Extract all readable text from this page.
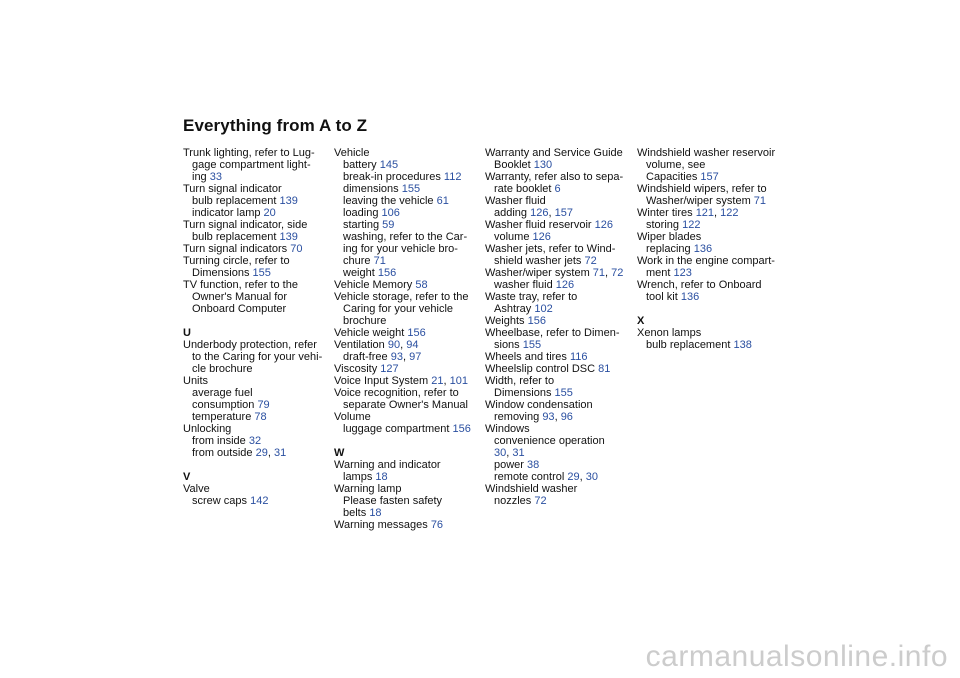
Everything from A to Z
Trunk lighting, refer to Lug-
gage compartment light-
ing 33
Turn signal indicator
bulb replacement 139
indicator lamp 20
Turn signal indicator, side
bulb replacement 139
Turn signal indicators 70
Turning circle, refer to
Dimensions 155
TV function, refer to the
Owner's Manual for
Onboard Computer
U
Underbody protection, refer
to the Caring for your vehi-
cle brochure
Units
average fuel
consumption 79
temperature 78
Unlocking
from inside 32
from outside 29, 31
V
Valve
screw caps 142
Vehicle
battery 145
break-in procedures 112
dimensions 155
leaving the vehicle 61
loading 106
starting 59
washing, refer to the Car-
ing for your vehicle bro-
chure 71
weight 156
Vehicle Memory 58
Vehicle storage, refer to the
Caring for your vehicle
brochure
Vehicle weight 156
Ventilation 90, 94
draft-free 93, 97
Viscosity 127
Voice Input System 21, 101
Voice recognition, refer to
separate Owner's Manual
Volume
luggage compartment 156
W
Warning and indicator
lamps 18
Warning lamp
Please fasten safety
belts 18
Warning messages 76
Warranty and Service Guide
Booklet 130
Warranty, refer also to sepa-
rate booklet 6
Washer fluid
adding 126, 157
Washer fluid reservoir 126
volume 126
Washer jets, refer to Wind-
shield washer jets 72
Washer/wiper system 71, 72
washer fluid 126
Waste tray, refer to
Ashtray 102
Weights 156
Wheelbase, refer to Dimen-
sions 155
Wheels and tires 116
Wheelslip control DSC 81
Width, refer to
Dimensions 155
Window condensation
removing 93, 96
Windows
convenience operation
30, 31
power 38
remote control 29, 30
Windshield washer
nozzles 72
Windshield washer reservoir
volume, see
Capacities 157
Windshield wipers, refer to
Washer/wiper system 71
Winter tires 121, 122
storing 122
Wiper blades
replacing 136
Work in the engine compart-
ment 123
Wrench, refer to Onboard
tool kit 136
X
Xenon lamps
bulb replacement 138
carmanualsonline.info
